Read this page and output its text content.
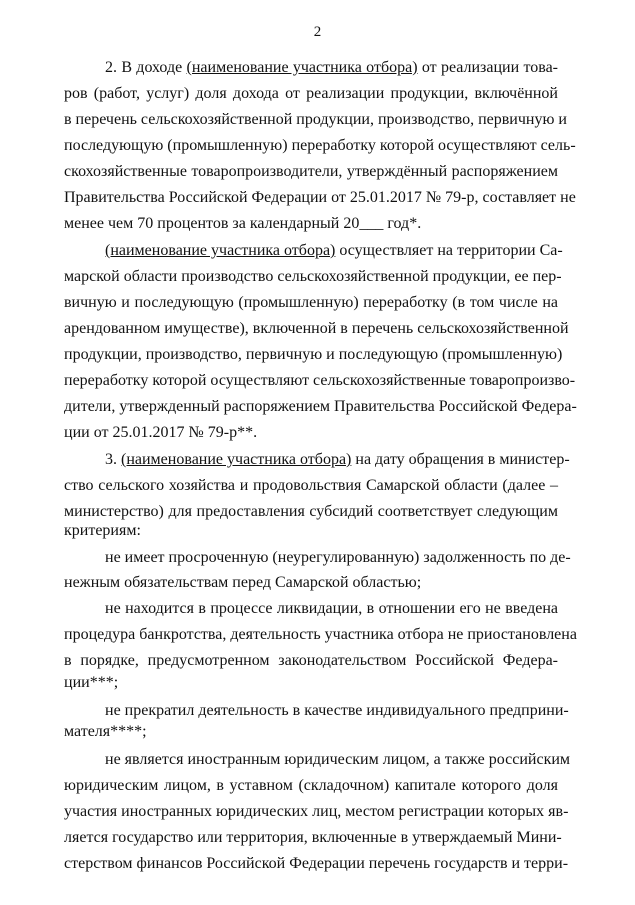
2
2. В доходе (наименование участника отбора) от реализации това-
ров (работ, услуг) доля дохода от реализации продукции, включённой
в перечень сельскохозяйственной продукции, производство, первичную и
последующую (промышленную) переработку которой осуществляют сель-
скохозяйственные товаропроизводители, утверждённый распоряжением
Правительства Российской Федерации от 25.01.2017 № 79-р, составляет не
менее чем 70 процентов за календарный 20___ год*.
(наименование участника отбора) осуществляет на территории Са-
марской области производство сельскохозяйственной продукции, ее пер-
вичную и последующую (промышленную) переработку (в том числе на
арендованном имуществе), включенной в перечень сельскохозяйственной
продукции, производство, первичную и последующую (промышленную)
переработку которой осуществляют сельскохозяйственные товаропроизво-
дители, утвержденный распоряжением Правительства Российской Федера-
ции от 25.01.2017 № 79-р**.
3. (наименование участника отбора) на дату обращения в министер-
ство сельского хозяйства и продовольствия Самарской области (далее –
министерство) для предоставления субсидий соответствует следующим
критериям:
не имеет просроченную (неурегулированную) задолженность по де-
нежным обязательствам перед Самарской областью;
не находится в процессе ликвидации, в отношении его не введена
процедура банкротства, деятельность участника отбора не приостановлена
в порядке, предусмотренном законодательством Российской Федера-
ции***;
не прекратил деятельность в качестве индивидуального предприни-
мателя****;
не является иностранным юридическим лицом, а также российским
юридическим лицом, в уставном (складочном) капитале которого доля
участия иностранных юридических лиц, местом регистрации которых яв-
ляется государство или территория, включенные в утверждаемый Мини-
стерством финансов Российской Федерации перечень государств и терри-
